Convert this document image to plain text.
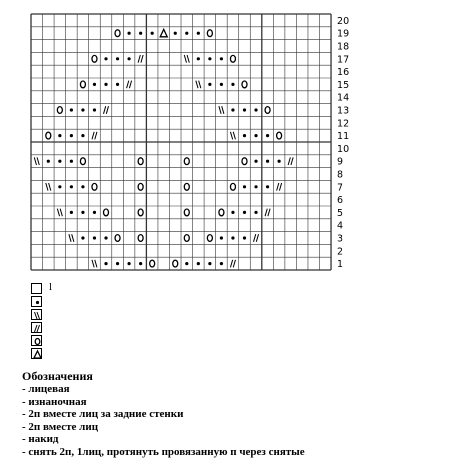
1
2
3
4
5
6
7
8
9
10
11
12
13
14
15
16
17
18
19
20
l
Обозначения
- лицевая
- изнаночная
- 2п вместе лиц за задние стенки
- 2п вместе лиц
- накид
- снять 2п, 1лиц, протянуть провязанную п через снятые
